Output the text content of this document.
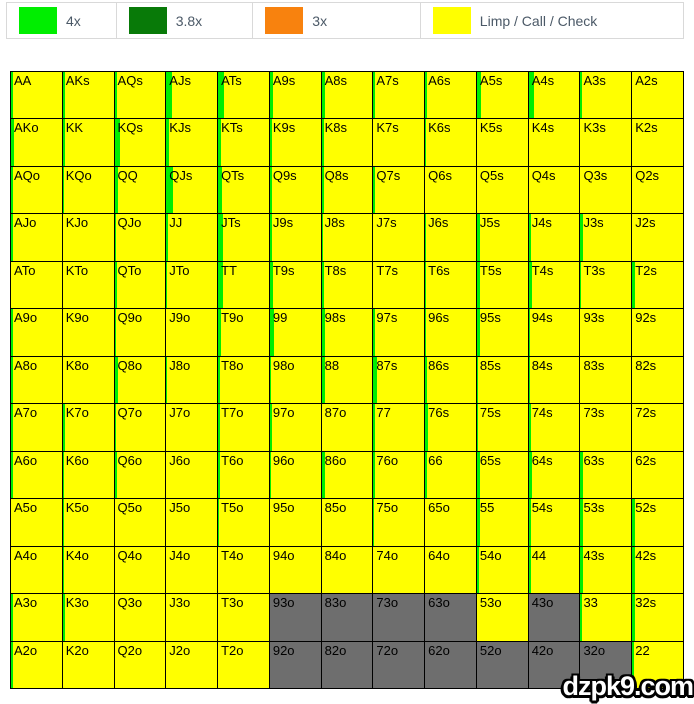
4x	3.8x	3x	Limp / Call / Check
AA	AKs AQs AJs ATs A9s A8s A7s A6s A5s A4s A3s A2s
AKo KK	KQs KJs KTs K9s K8s K7s K6s K5s K4s K3s K2s
AQo KQo QQ QJs QTs Q9s Q8s Q7s Q6s Q5s Q4s Q3s Q2s
AJo KJo QJo JJ	JTs J9s J8s J7s J6s J5s J4s J3s J2s
ATo KTo QTo JTo TT	T9s T8s T7s T6s T5s T4s T3s T2s
A9o K9o Q9o J9o T9o 99	98s 97s 96s 95s 94s 93s 92s
A8o K8o Q8o J8o T8o 98o 88	87s 86s 85s 84s 83s 82s
A7o K7o Q7o J7o T7o 97o 87o 77	76s 75s 74s 73s 72s
A6o K6o Q6o J6o T6o 96o 86o 76o 66	65s 64s 63s 62s
A5o K5o Q5o J5o T5o 95o 85o 75o 65o 55	54s 53s 52s
A4o K4o Q4o J4o T4o 94o 84o 74o 64o 54o 44	43s 42s
A3o K3o Q3o J3o T3o 93o 83o 73o 63o 53o 43o 33	32s
A2o K2o Q2o J2o T2o 92o 82o 72o 62o 52o 42o 32o 22
dzpk9.com
